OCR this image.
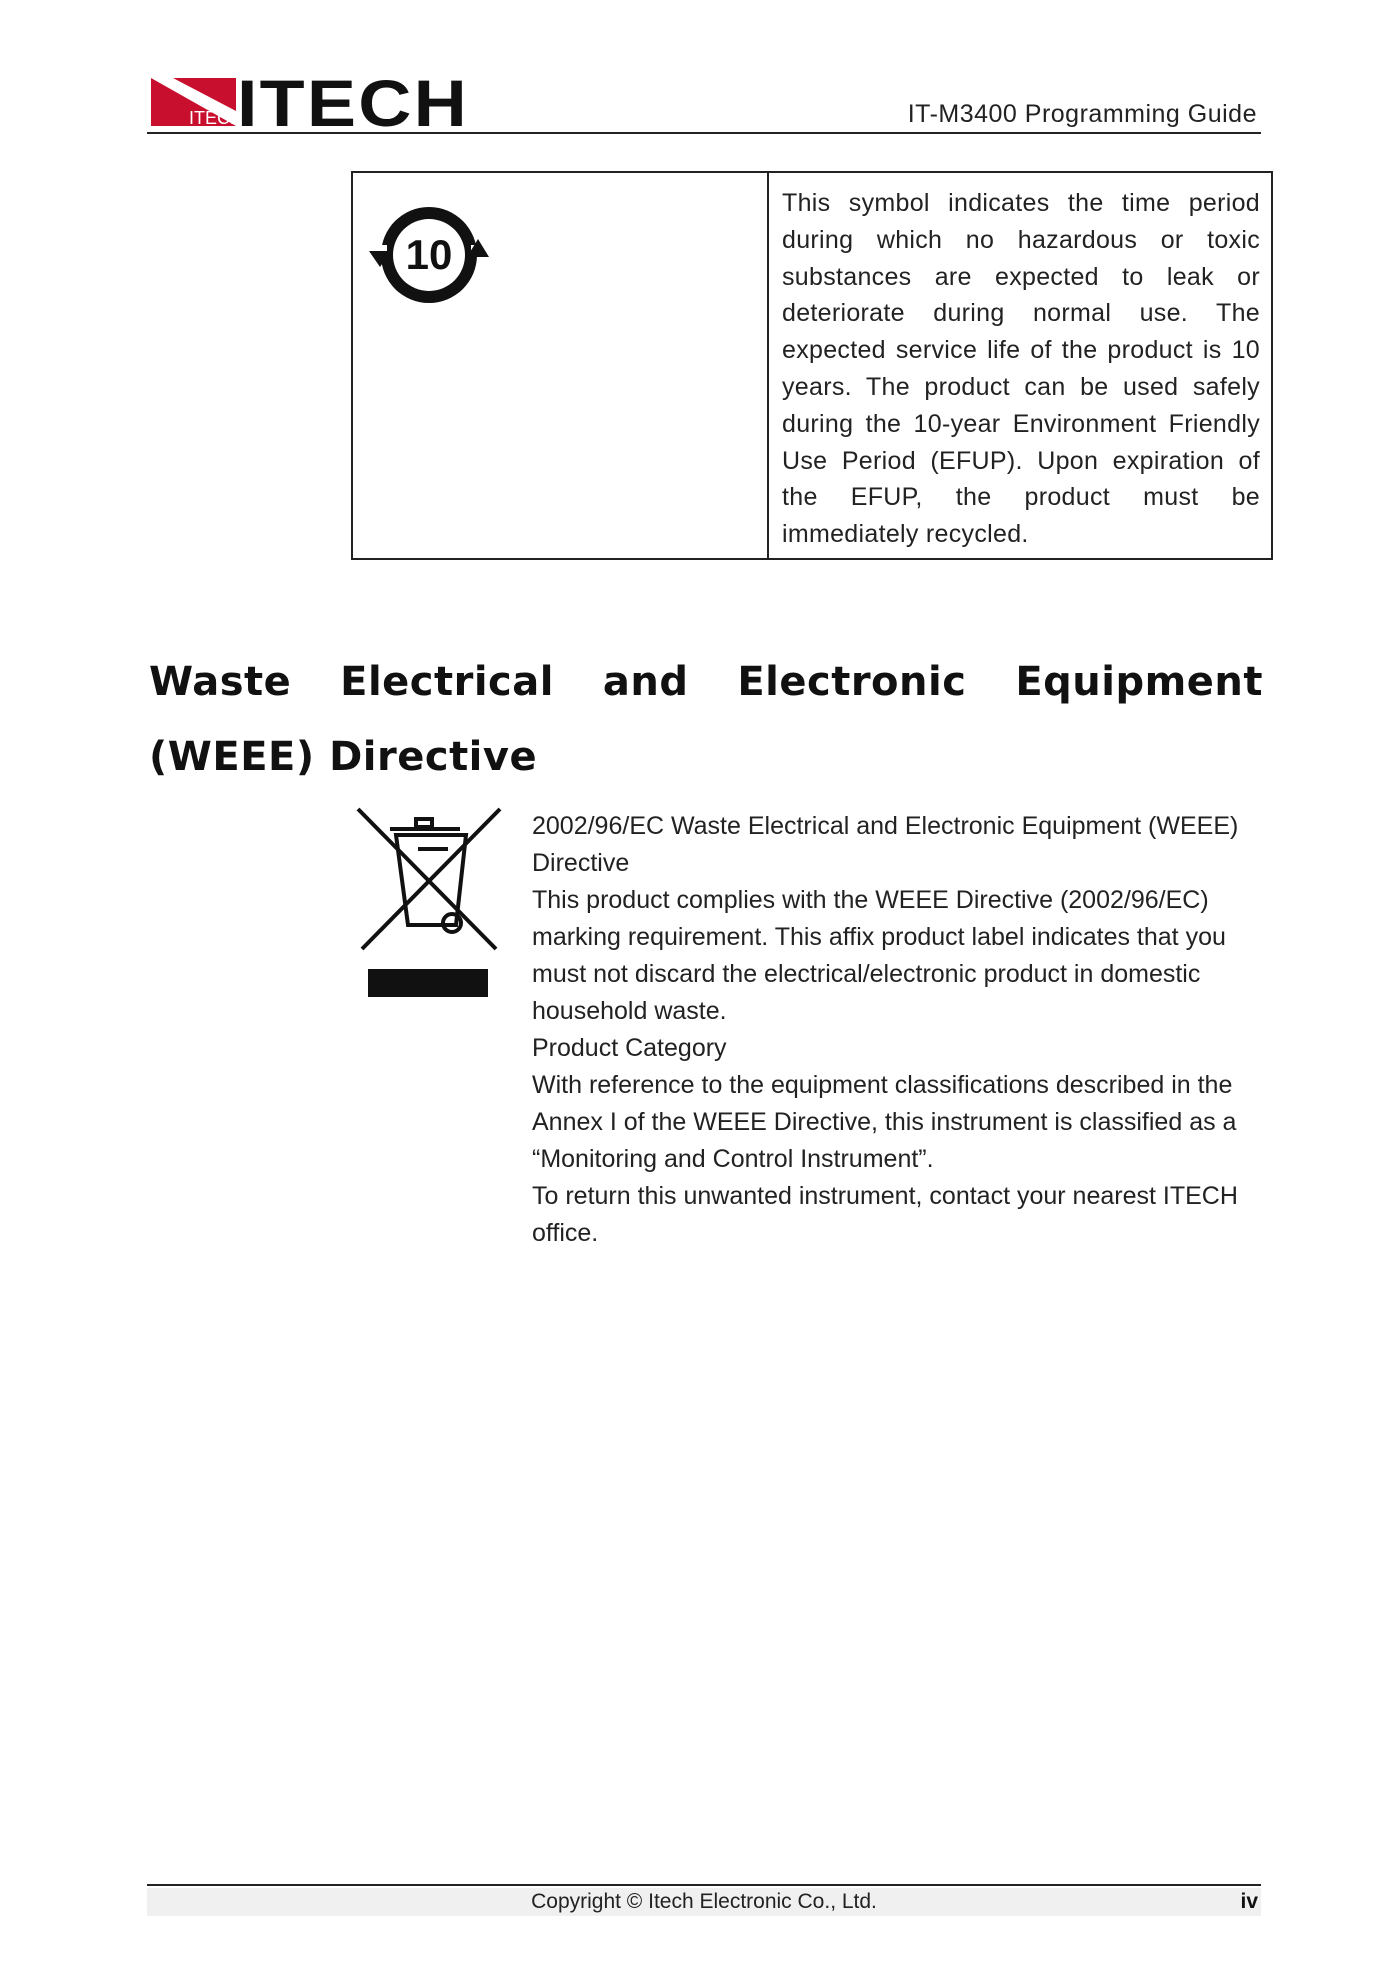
ITECH
ITECH	IT-M3400 Programming Guide
10
This symbol indicates the time period during which no hazardous or toxic substances are expected to leak or deteriorate during normal use. The expected service life of the product is 10 years. The product can be used safely during the 10-year Environment Friendly Use Period (EFUP). Upon expiration of the EFUP, the product must be immediately recycled.
Waste Electrical and Electronic Equipment (WEEE) Directive

2002/96/EC Waste Electrical and Electronic Equipment (WEEE) Directive

This product complies with the WEEE Directive (2002/96/EC) marking requirement. This affix product label indicates that you must not discard the electrical/electronic product in domestic household waste.

Product Category

With reference to the equipment classifications described in the Annex I of the WEEE Directive, this instrument is classified as a “Monitoring and Control Instrument”.

To return this unwanted instrument, contact your nearest ITECH office.

Copyright © Itech Electronic Co., Ltd.	iv
